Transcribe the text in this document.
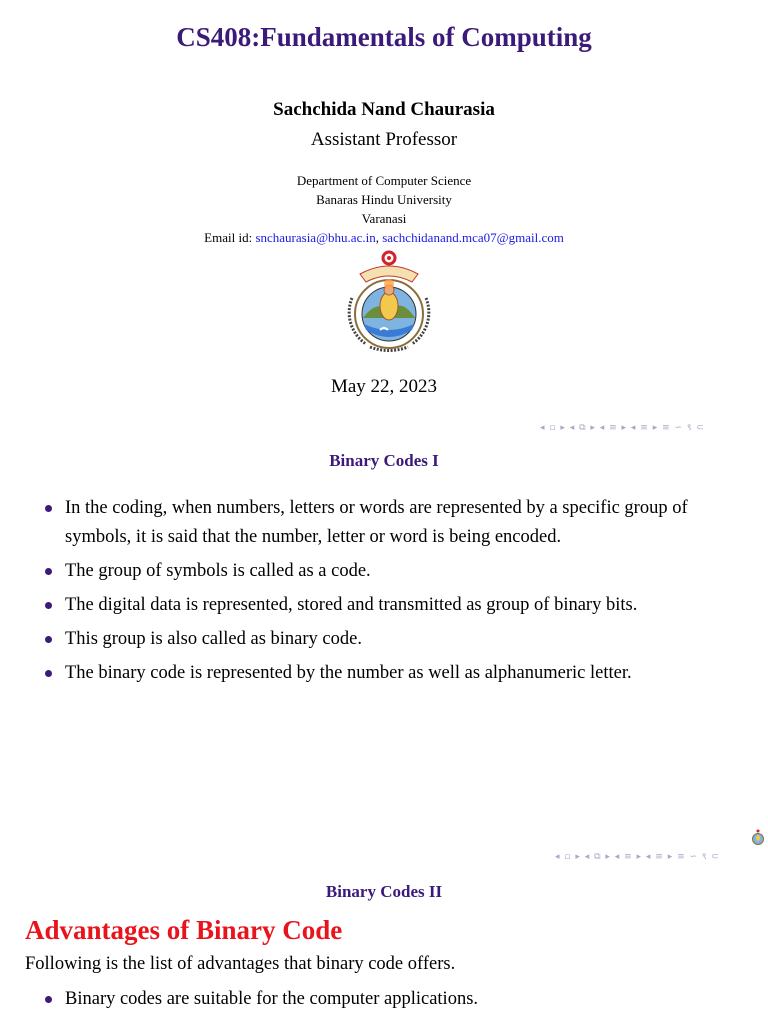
CS408:Fundamentals of Computing
Sachchida Nand Chaurasia
Assistant Professor
Department of Computer Science
Banaras Hindu University
Varanasi
Email id: snchaurasia@bhu.ac.in, sachchidanand.mca07@gmail.com
May 22, 2023
◂ ▫ ▸ ◂ ⧉ ▸ ◂ ≡ ▸ ◂ ≡ ▸ ≡ ∽ ९ ⊂
Binary Codes I
In the coding, when numbers, letters or words are represented by a specific group of symbols, it is said that the number, letter or word is being encoded.
The group of symbols is called as a code.
The digital data is represented, stored and transmitted as group of binary bits.
This group is also called as binary code.
The binary code is represented by the number as well as alphanumeric letter.
◂ ▫ ▸ ◂ ⧉ ▸ ◂ ≡ ▸ ◂ ≡ ▸ ≡ ∽ ९ ⊂
Binary Codes II
Advantages of Binary Code
Following is the list of advantages that binary code offers.
Binary codes are suitable for the computer applications.
